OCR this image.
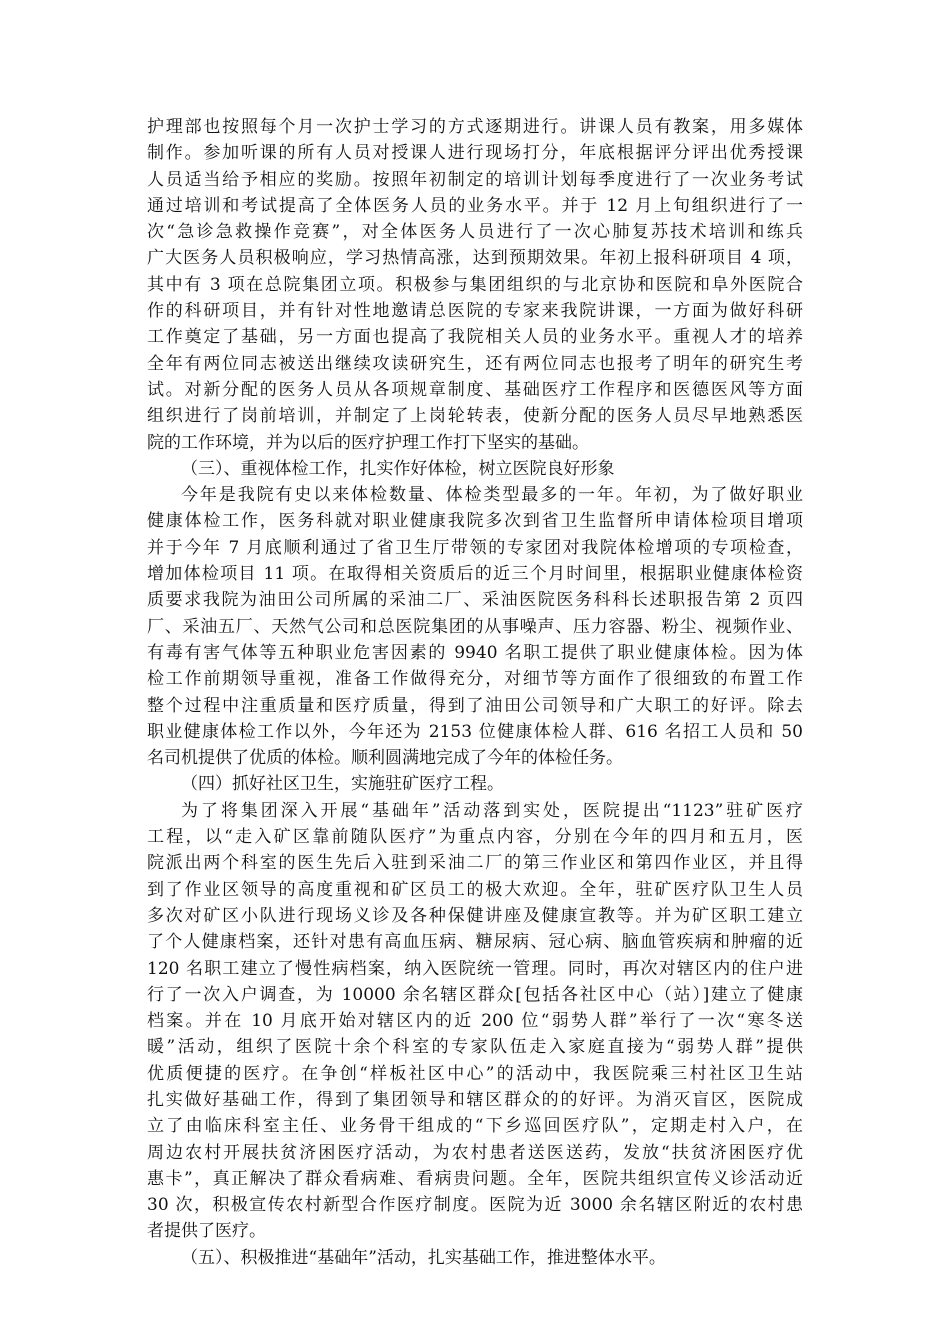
护理部也按照每个月一次护士学习的方式逐期进行。讲课人员有教案，用多媒体
制作。参加听课的所有人员对授课人进行现场打分，年底根据评分评出优秀授课
人员适当给予相应的奖励。按照年初制定的培训计划每季度进行了一次业务考试
通过培训和考试提高了全体医务人员的业务水平。并于 12 月上旬组织进行了一
次“急诊急救操作竞赛”，对全体医务人员进行了一次心肺复苏技术培训和练兵
广大医务人员积极响应，学习热情高涨，达到预期效果。年初上报科研项目 4 项，
其中有 3 项在总院集团立项。积极参与集团组织的与北京协和医院和阜外医院合
作的科研项目，并有针对性地邀请总医院的专家来我院讲课，一方面为做好科研
工作奠定了基础，另一方面也提高了我院相关人员的业务水平。重视人才的培养
全年有两位同志被送出继续攻读研究生，还有两位同志也报考了明年的研究生考
试。对新分配的医务人员从各项规章制度、基础医疗工作程序和医德医风等方面
组织进行了岗前培训，并制定了上岗轮转表，使新分配的医务人员尽早地熟悉医
院的工作环境，并为以后的医疗护理工作打下坚实的基础。
（三）、重视体检工作，扎实作好体检，树立医院良好形象
今年是我院有史以来体检数量、体检类型最多的一年。年初，为了做好职业
健康体检工作，医务科就对职业健康我院多次到省卫生监督所申请体检项目增项
并于今年 7 月底顺利通过了省卫生厅带领的专家团对我院体检增项的专项检查，
增加体检项目 11 项。在取得相关资质后的近三个月时间里，根据职业健康体检资
质要求我院为油田公司所属的采油二厂、采油医院医务科科长述职报告第 2 页四
厂、采油五厂、天然气公司和总医院集团的从事噪声、压力容器、粉尘、视频作业、
有毒有害气体等五种职业危害因素的 9940 名职工提供了职业健康体检。因为体
检工作前期领导重视，准备工作做得充分，对细节等方面作了很细致的布置工作
整个过程中注重质量和医疗质量，得到了油田公司领导和广大职工的好评。除去
职业健康体检工作以外，今年还为 2153 位健康体检人群、616 名招工人员和 50
名司机提供了优质的体检。顺利圆满地完成了今年的体检任务。
（四）抓好社区卫生，实施驻矿医疗工程。
为了将集团深入开展“基础年”活动落到实处，医院提出“1123”驻矿医疗
工程，以“走入矿区靠前随队医疗”为重点内容，分别在今年的四月和五月，医
院派出两个科室的医生先后入驻到采油二厂的第三作业区和第四作业区，并且得
到了作业区领导的高度重视和矿区员工的极大欢迎。全年，驻矿医疗队卫生人员
多次对矿区小队进行现场义诊及各种保健讲座及健康宣教等。并为矿区职工建立
了个人健康档案，还针对患有高血压病、糖尿病、冠心病、脑血管疾病和肿瘤的近
120 名职工建立了慢性病档案，纳入医院统一管理。同时，再次对辖区内的住户进
行了一次入户调查，为 10000 余名辖区群众[包括各社区中心（站）]建立了健康
档案。并在 10 月底开始对辖区内的近 200 位“弱势人群”举行了一次“寒冬送
暖”活动，组织了医院十余个科室的专家队伍走入家庭直接为“弱势人群”提供
优质便捷的医疗。在争创“样板社区中心”的活动中，我医院乘三村社区卫生站
扎实做好基础工作，得到了集团领导和辖区群众的的好评。为消灭盲区，医院成
立了由临床科室主任、业务骨干组成的“下乡巡回医疗队”，定期走村入户，在
周边农村开展扶贫济困医疗活动，为农村患者送医送药，发放“扶贫济困医疗优
惠卡”，真正解决了群众看病难、看病贵问题。全年，医院共组织宣传义诊活动近
30 次，积极宣传农村新型合作医疗制度。医院为近 3000 余名辖区附近的农村患
者提供了医疗。
（五）、积极推进“基础年”活动，扎实基础工作，推进整体水平。
